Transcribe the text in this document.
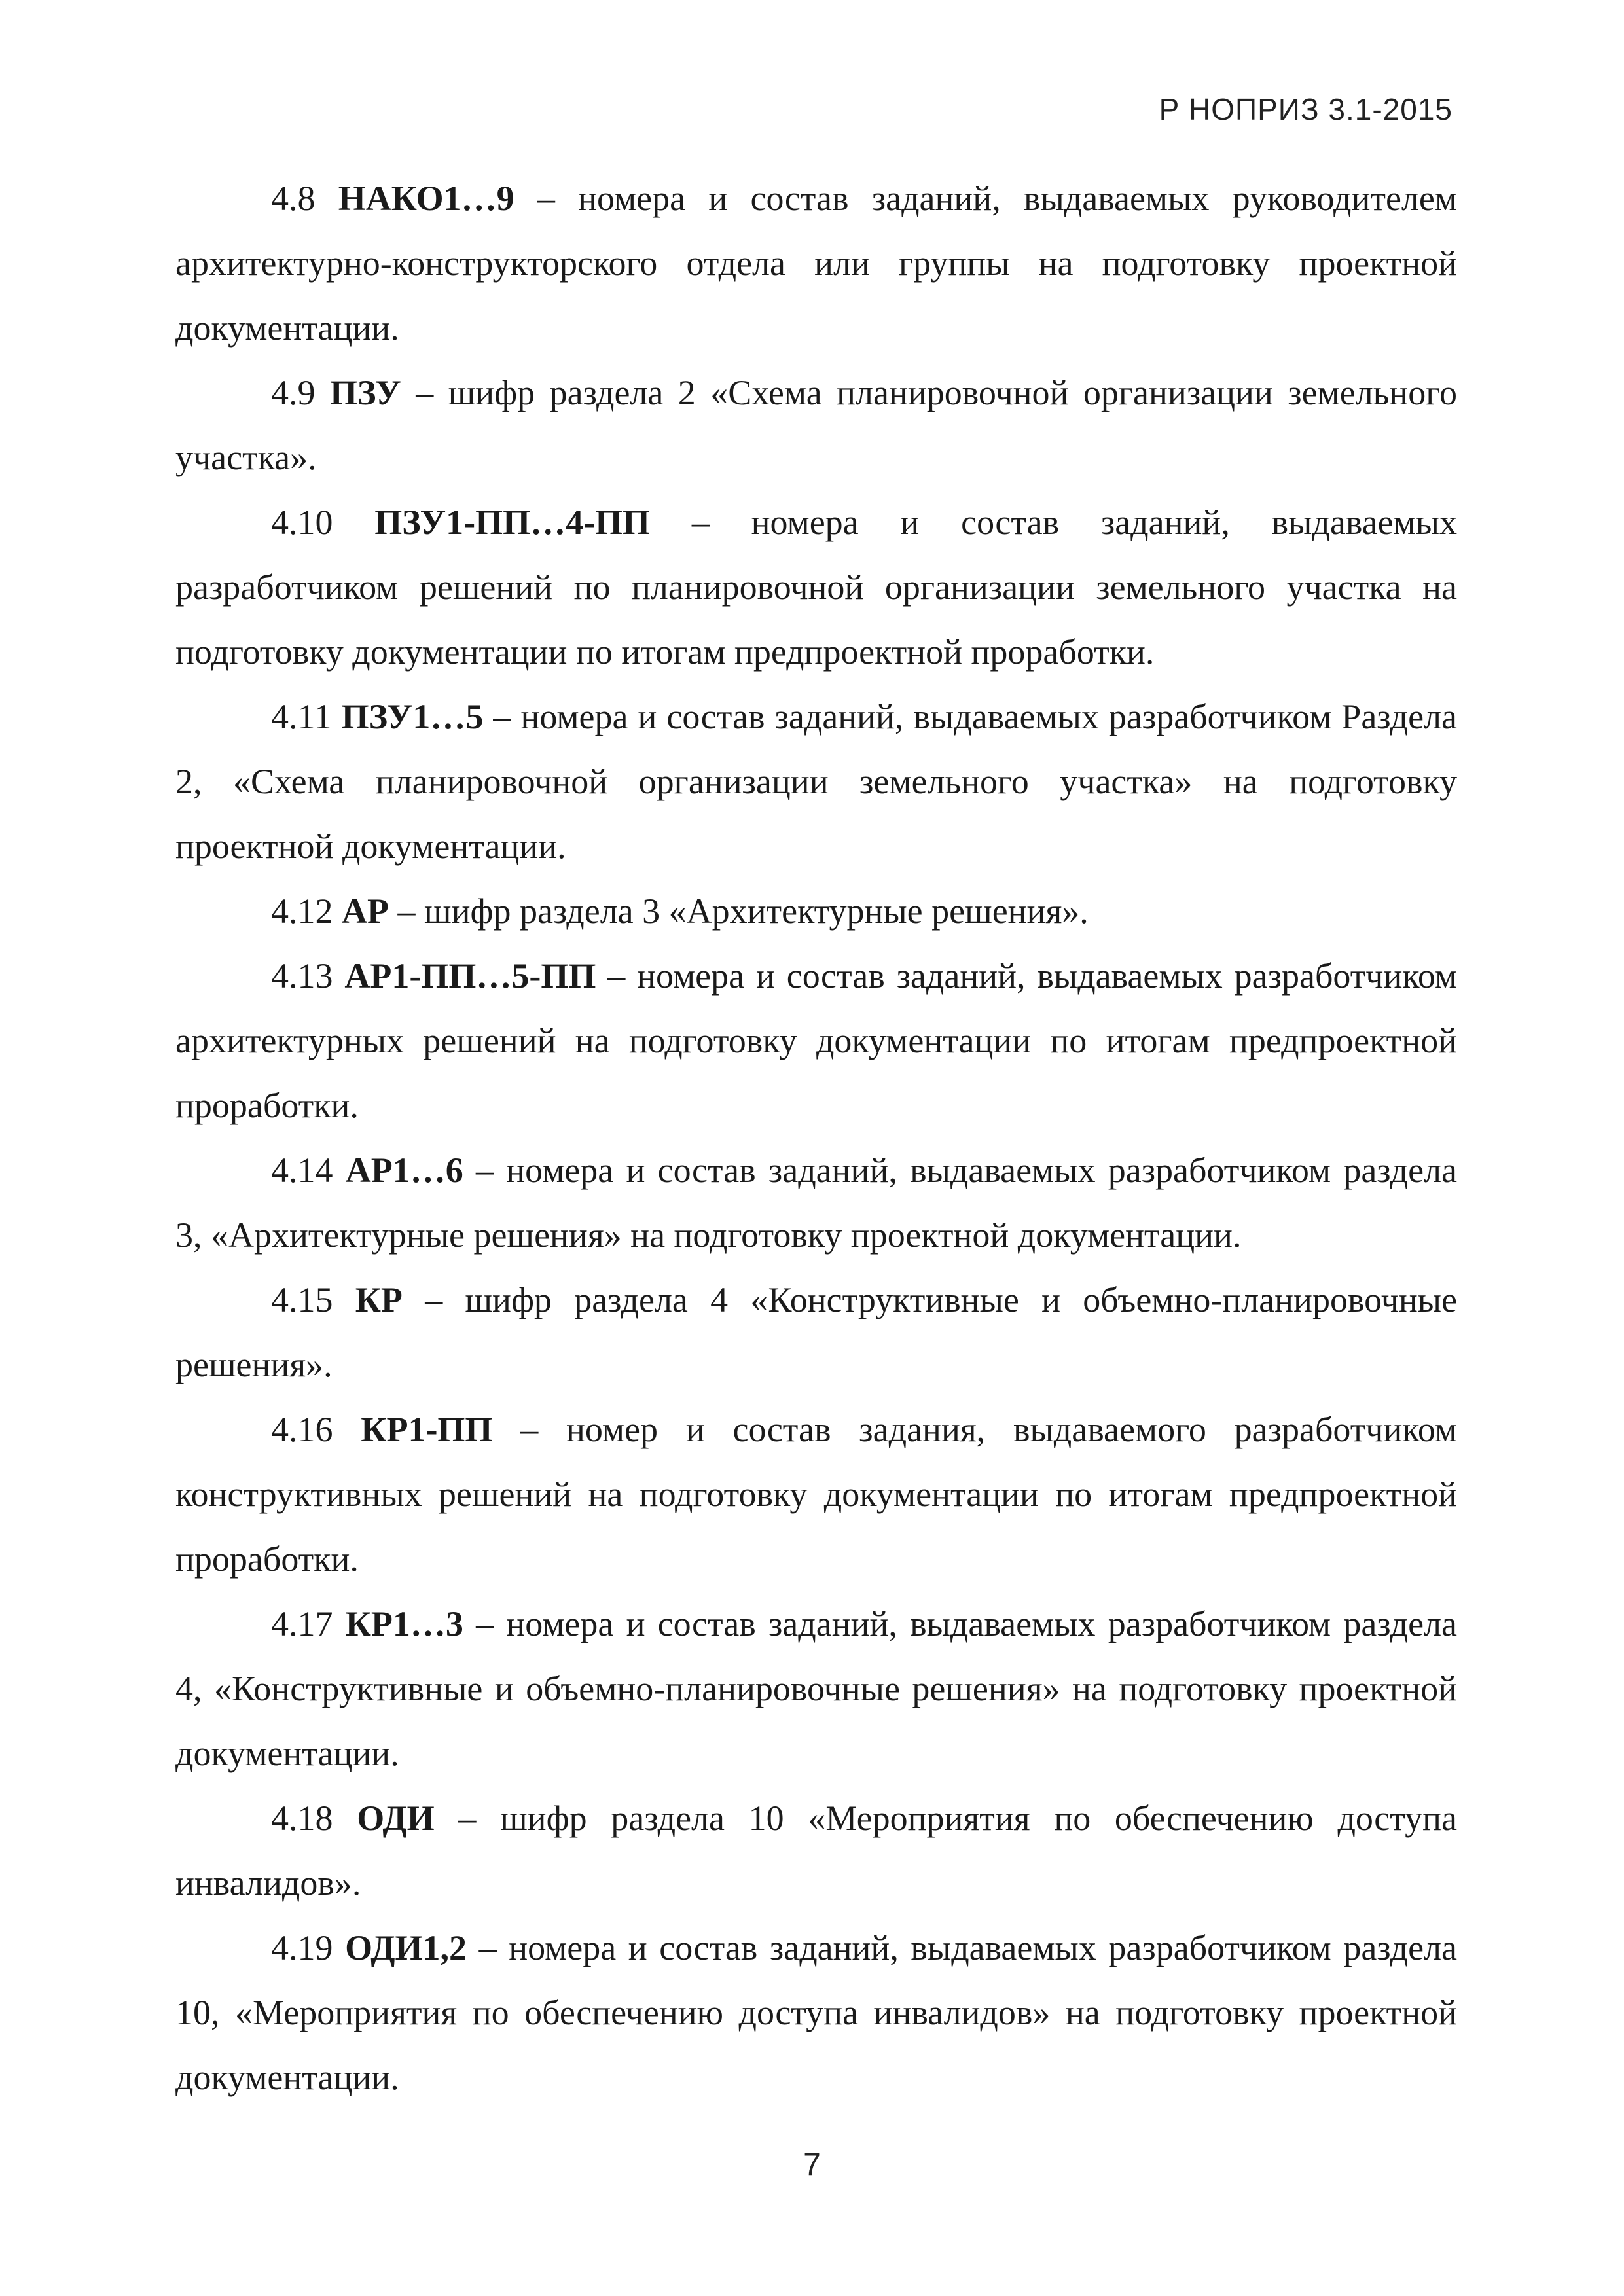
Р НОПРИЗ 3.1-2015

4.8 НАКО1…9 – номера и состав заданий, выдаваемых руководителем архитектурно-конструкторского отдела или группы на подготовку проектной документации.

4.9 ПЗУ – шифр раздела 2 «Схема планировочной организации земельного участка».

4.10 ПЗУ1-ПП…4-ПП – номера и состав заданий, выдаваемых разработчиком решений по планировочной организации земельного участка на подготовку документации по итогам предпроектной проработки.

4.11 ПЗУ1…5 – номера и состав заданий, выдаваемых разработчиком Раздела 2, «Схема планировочной организации земельного участка» на подготовку проектной документации.

4.12 АР – шифр раздела 3 «Архитектурные решения».

4.13 АР1-ПП…5-ПП – номера и состав заданий, выдаваемых разработчиком архитектурных решений на подготовку документации по итогам предпроектной проработки.

4.14 АР1…6 – номера и состав заданий, выдаваемых разработчиком раздела 3, «Архитектурные решения» на подготовку проектной документации.

4.15 КР – шифр раздела 4 «Конструктивные и объемно-планировочные решения».

4.16 КР1-ПП – номер и состав задания, выдаваемого разработчиком конструктивных решений на подготовку документации по итогам предпроектной проработки.

4.17 КР1…3 – номера и состав заданий, выдаваемых разработчиком раздела 4, «Конструктивные и объемно-планировочные решения» на подготовку проектной документации.

4.18 ОДИ – шифр раздела 10 «Мероприятия по обеспечению доступа инвалидов».

4.19 ОДИ1,2 – номера и состав заданий, выдаваемых разработчиком раздела 10, «Мероприятия по обеспечению доступа инвалидов» на подготовку проектной документации.

7
